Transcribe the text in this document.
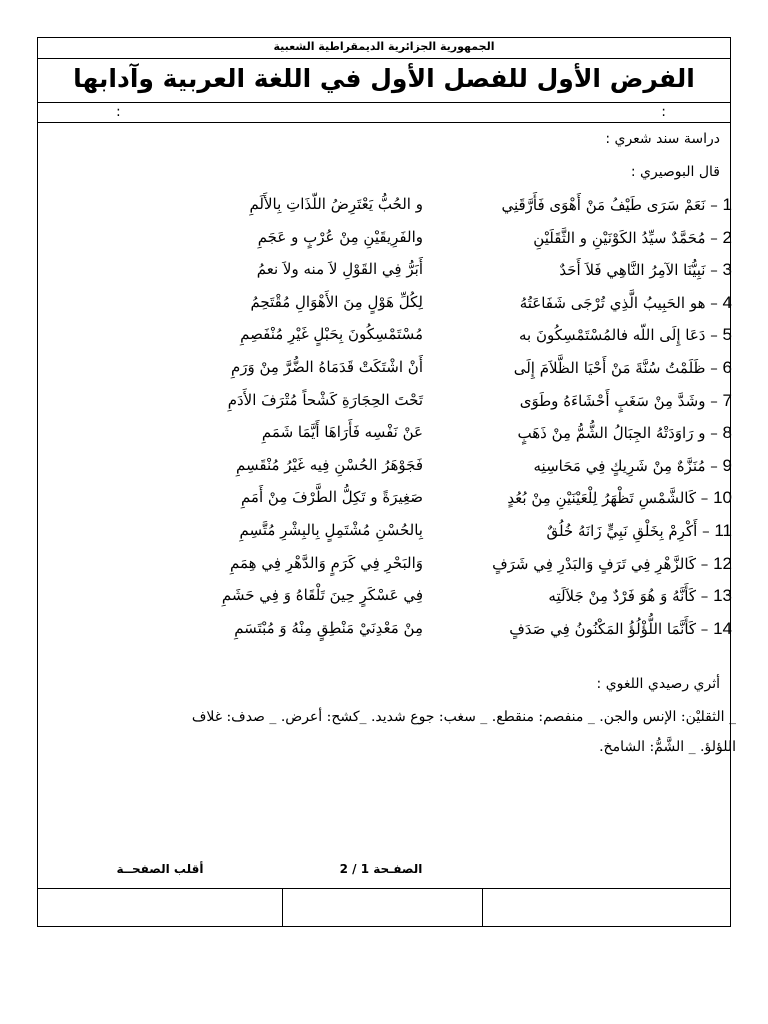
الجمهورية الجزائرية الديمقراطية الشعبية
الفرض الأول للفصل الأول في اللغة العربية وآدابها
:
:
دراسة سند شعري :
قال البوصيري :
1 – نَعَمْ سَرَى طَيْفُ مَنْ أَهْوَى فَأَرَّقَنِي
و الحُبُّ يَعْتَرِضُ اللّذَاتِ بِالأَلَمِ
2 – مُحَمَّدٌ سيِّدُ الكَوْنَيْنِ و الثَّقَلَيْنِ
والفَرِيقَيْنِ مِنْ عُرْبٍ و عَجَمِ
3 – نَبِيُّنَا الآمِرُ النَّاهِي فَلاَ أَحَدٌ
أَبَرُّ فِي القَوْلِ لاَ منه ولاَ نعمُ
4 – هو الحَبِيبُ الَّذِي تُرْجَى شَفَاعَتُهُ
لِكُلِّ هَوْلٍ مِنَ الأَهْوَالِ مُقْتَحِمُ
5 – دَعَا إِلَى اللّه فالمُسْتَمْسِكُونَ به
مُسْتَمْسِكُونَ بِحَبْلٍ غَيْرِ مُنْفَصِمِ
6 – ظَلَمْتُ سُنَّةَ مَنْ أَحْيَا الظَّلاَمَ إِلَى
أَنْ اشْتَكَتْ قَدَمَاهُ الضُّرَّ مِنْ وَرَمِ
7 – وشَدَّ مِنْ سَغَبٍ أَحْشَاءَهُ وطَوَى
تَحْتَ الحِجَارَةِ كَشْحاً مُتْرَفَ الأَدَمِ
8 – و رَاوَدَتْهُ الجِبَالُ الشُّمُّ مِنْ ذَهَبٍ
عَنْ نَفْسِه فَأَرَاهَا أَيَّمَا شَمَمِ
9 – مُنَزَّهٌ مِنْ شَرِيكٍ فِي مَحَاسِنِه
فَجَوْهَرُ الحُسْنِ فِيه غَيْرُ مُنْقَسِمِ
10 – كَالشَّمْسِ تَظْهَرُ لِلْعَيْنَيْنِ مِنْ بُعُدٍ
صَغِيرَةً و تَكِلُّ الطَّرْفَ مِنْ أَمَمِ
11 – أَكْرِمْ بِخَلْقِ نَبِيٍّ زَانَهُ خُلُقٌ
بِالحُسْنِ مُشْتَمِلٍ بِالبِشْرِ مُتَّسِمِ
12 – كَالزَّهْرِ فِي تَرَفٍ وَالبَدْرِ فِي شَرَفٍ
وَالبَحْرِ فِي كَرَمٍ وَالدَّهْرِ فِي هِمَمِ
13 – كَأَنَّهُ وَ هُوَ فَرْدٌ مِنْ جَلاَلَتِه
فِي عَسْكَرٍ حِينَ تَلْقَاهُ وَ فِي حَشَمِ
14 – كَأَنَّمَا اللُّؤْلُؤُ المَكْنُونُ فِي صَدَفٍ
مِنْ مَعْدِنَيْ مَنْطِقٍ مِنْهُ وَ مُبْتَسَمِ
أثري رصيدي اللغوي :
_ الثقليْن: الإنس والجن. _ منفصم: منقطع. _ سغب: جوع شديد. _كشح: أعرض. _ صدف: غلاف
اللؤلؤ. _ الشَّمُّ: الشامخ.
الصفـحة 1 / 2
أقلب الصفحــة
